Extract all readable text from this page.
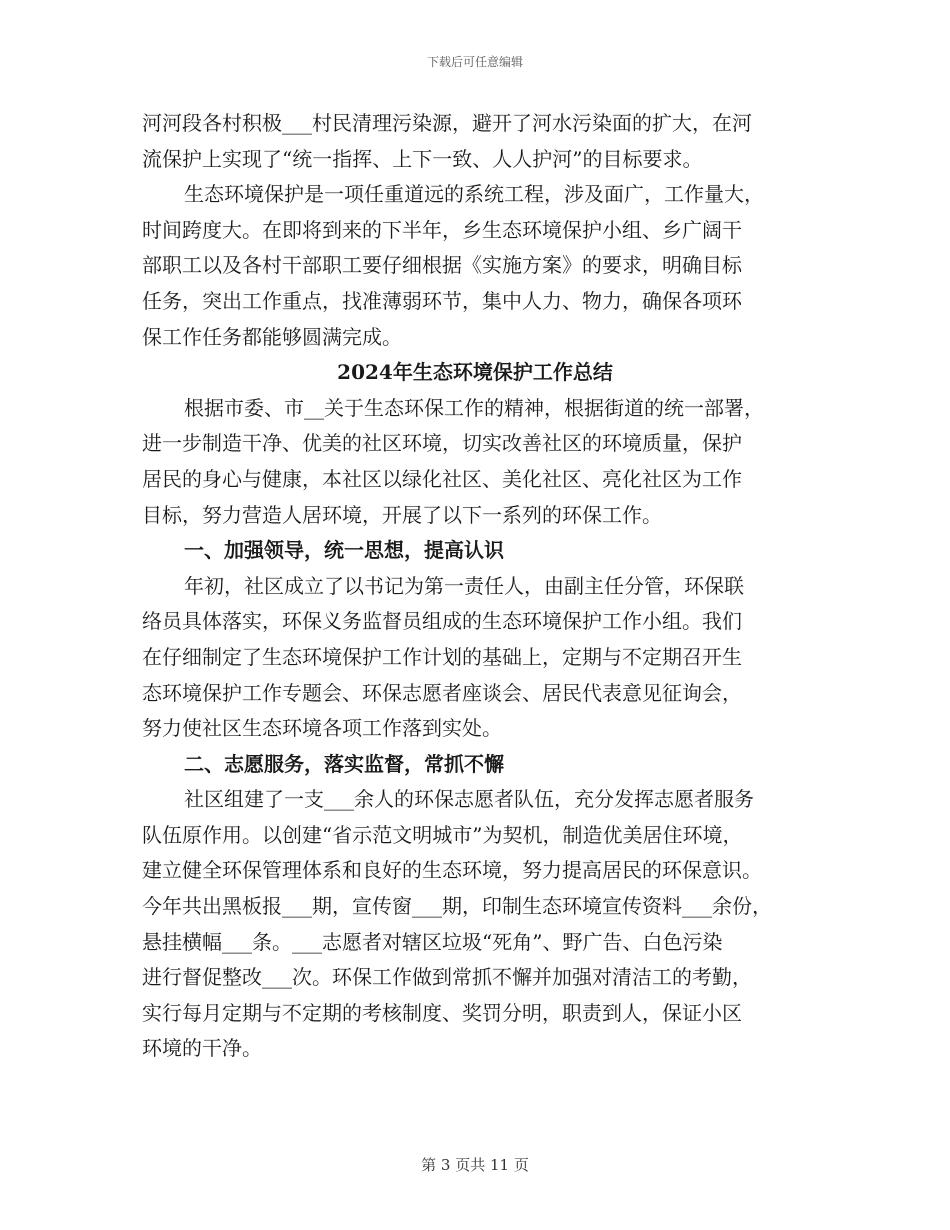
下载后可任意编辑
河河段各村积极___村民清理污染源，避开了河水污染面的扩大，在河
流保护上实现了“统一指挥、上下一致、人人护河”的目标要求。
生态环境保护是一项任重道远的系统工程，涉及面广，工作量大，
时间跨度大。在即将到来的下半年，乡生态环境保护小组、乡广阔干
部职工以及各村干部职工要仔细根据《实施方案》的要求，明确目标
任务，突出工作重点，找准薄弱环节，集中人力、物力，确保各项环
保工作任务都能够圆满完成。
2024年生态环境保护工作总结
根据市委、市__关于生态环保工作的精神，根据街道的统一部署，
进一步制造干净、优美的社区环境，切实改善社区的环境质量，保护
居民的身心与健康，本社区以绿化社区、美化社区、亮化社区为工作
目标，努力营造人居环境，开展了以下一系列的环保工作。
一、加强领导，统一思想，提高认识
年初，社区成立了以书记为第一责任人，由副主任分管，环保联
络员具体落实，环保义务监督员组成的生态环境保护工作小组。我们
在仔细制定了生态环境保护工作计划的基础上，定期与不定期召开生
态环境保护工作专题会、环保志愿者座谈会、居民代表意见征询会，
努力使社区生态环境各项工作落到实处。
二、志愿服务，落实监督，常抓不懈
社区组建了一支___余人的环保志愿者队伍，充分发挥志愿者服务
队伍原作用。以创建“省示范文明城市”为契机，制造优美居住环境，
建立健全环保管理体系和良好的生态环境，努力提高居民的环保意识。
今年共出黑板报___期，宣传窗___期，印制生态环境宣传资料___余份，
悬挂横幅___条。___志愿者对辖区垃圾“死角”、野广告、白色污染
进行督促整改___次。环保工作做到常抓不懈并加强对清洁工的考勤，
实行每月定期与不定期的考核制度、奖罚分明，职责到人，保证小区
环境的干净。
第 3 页共 11 页
